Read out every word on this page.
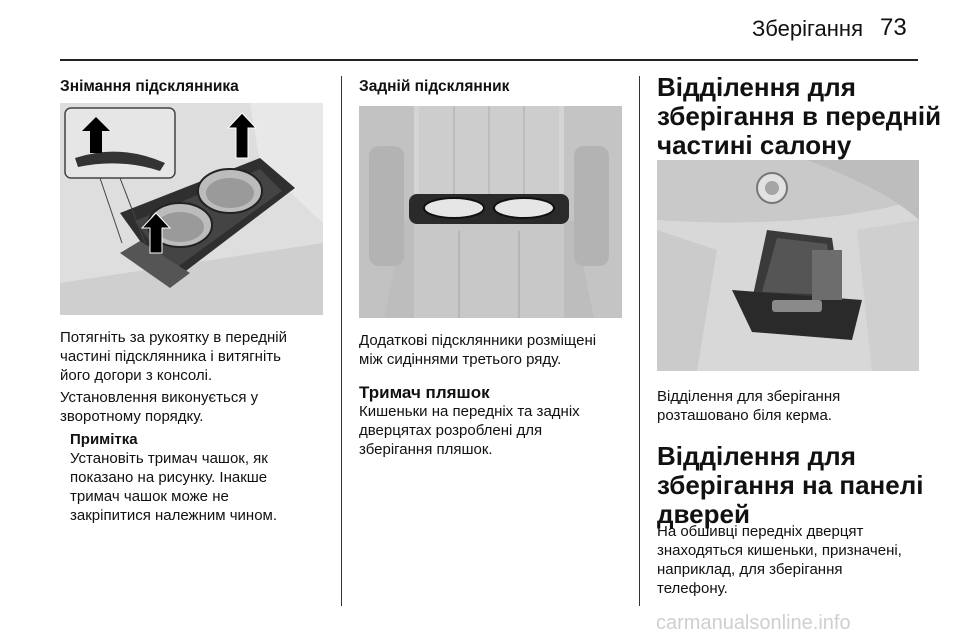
Зберігання 73
Знімання підсклянника

Потягніть за рукоятку в передній
частині підсклянника і витягніть
його догори з консолі.

Установлення виконується у
зворотному порядку.

Примітка

Установіть тримач чашок, як
показано на рисунку. Інакше
тримач чашок може не
закріпитися належним чином.

Задній підсклянник

Додаткові підсклянники розміщені
між сидіннями третього ряду.

Тримач пляшок

Кишеньки на передніх та задніх
дверцятах розроблені для
зберігання пляшок.

Відділення для
зберігання в передній
частині салону

Відділення для зберігання
розташовано біля керма.

Відділення для
зберігання на панелі
дверей

На обшивці передніх дверцят
знаходяться кишеньки, призначені,
наприклад, для зберігання
телефону.

carmanualsonline.info
